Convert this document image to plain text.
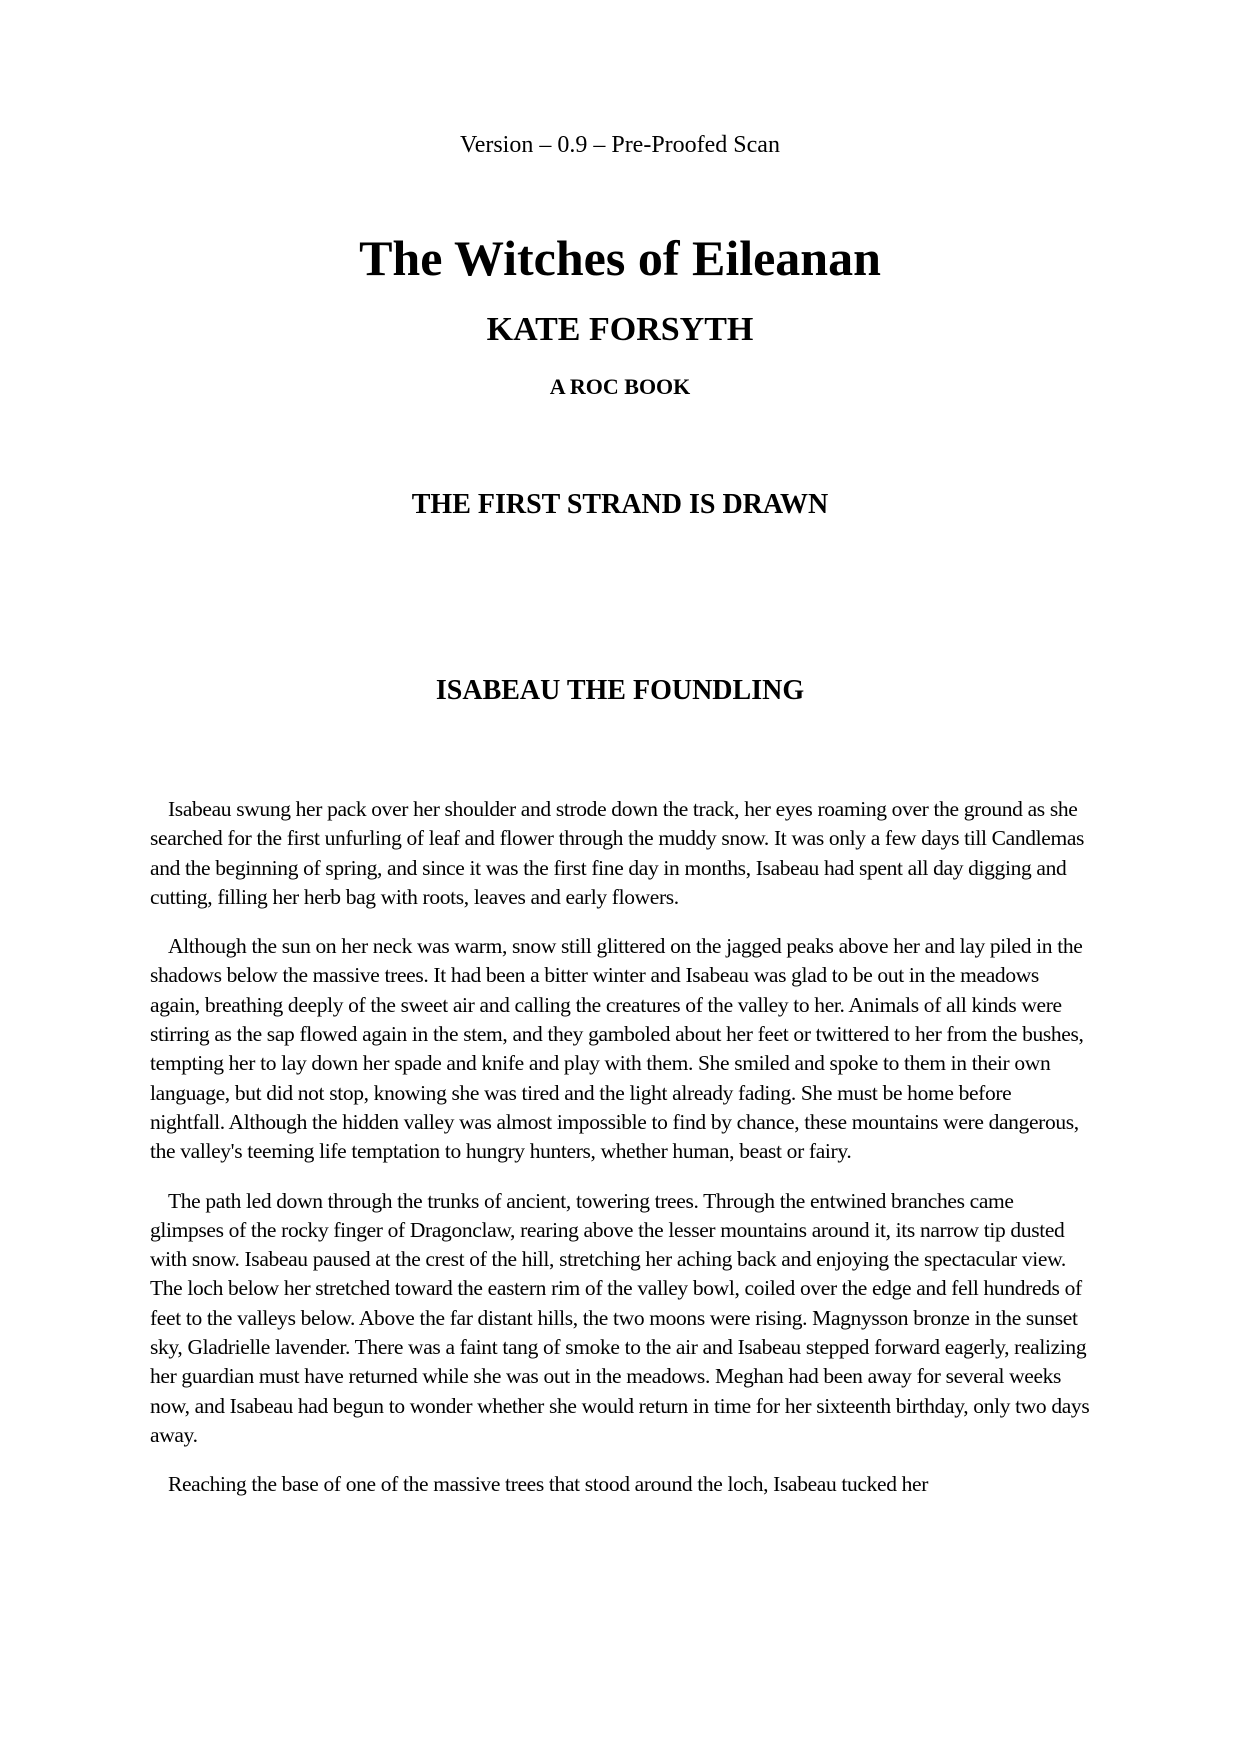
Version – 0.9 – Pre-Proofed Scan
The Witches of Eileanan
KATE FORSYTH
A ROC BOOK
THE FIRST STRAND IS DRAWN
ISABEAU THE FOUNDLING

Isabeau swung her pack over her shoulder and strode down the track, her eyes roaming over the ground as she searched for the first unfurling of leaf and flower through the muddy snow. It was only a few days till Candlemas and the beginning of spring, and since it was the first fine day in months, Isabeau had spent all day digging and cutting, filling her herb bag with roots, leaves and early flowers.

Although the sun on her neck was warm, snow still glittered on the jagged peaks above her and lay piled in the shadows below the massive trees. It had been a bitter winter and Isabeau was glad to be out in the meadows again, breathing deeply of the sweet air and calling the creatures of the valley to her. Animals of all kinds were stirring as the sap flowed again in the stem, and they gamboled about her feet or twittered to her from the bushes, tempting her to lay down her spade and knife and play with them. She smiled and spoke to them in their own language, but did not stop, knowing she was tired and the light already fading. She must be home before nightfall. Although the hidden valley was almost impossible to find by chance, these mountains were dangerous, the valley's teeming life temptation to hungry hunters, whether human, beast or fairy.

The path led down through the trunks of ancient, towering trees. Through the entwined branches came glimpses of the rocky finger of Dragonclaw, rearing above the lesser mountains around it, its narrow tip dusted with snow. Isabeau paused at the crest of the hill, stretching her aching back and enjoying the spectacular view. The loch below her stretched toward the eastern rim of the valley bowl, coiled over the edge and fell hundreds of feet to the valleys below. Above the far distant hills, the two moons were rising. Magnysson bronze in the sunset sky, Gladrielle lavender. There was a faint tang of smoke to the air and Isabeau stepped forward eagerly, realizing her guardian must have returned while she was out in the meadows. Meghan had been away for several weeks now, and Isabeau had begun to wonder whether she would return in time for her sixteenth birthday, only two days away.

Reaching the base of one of the massive trees that stood around the loch, Isabeau tucked her
